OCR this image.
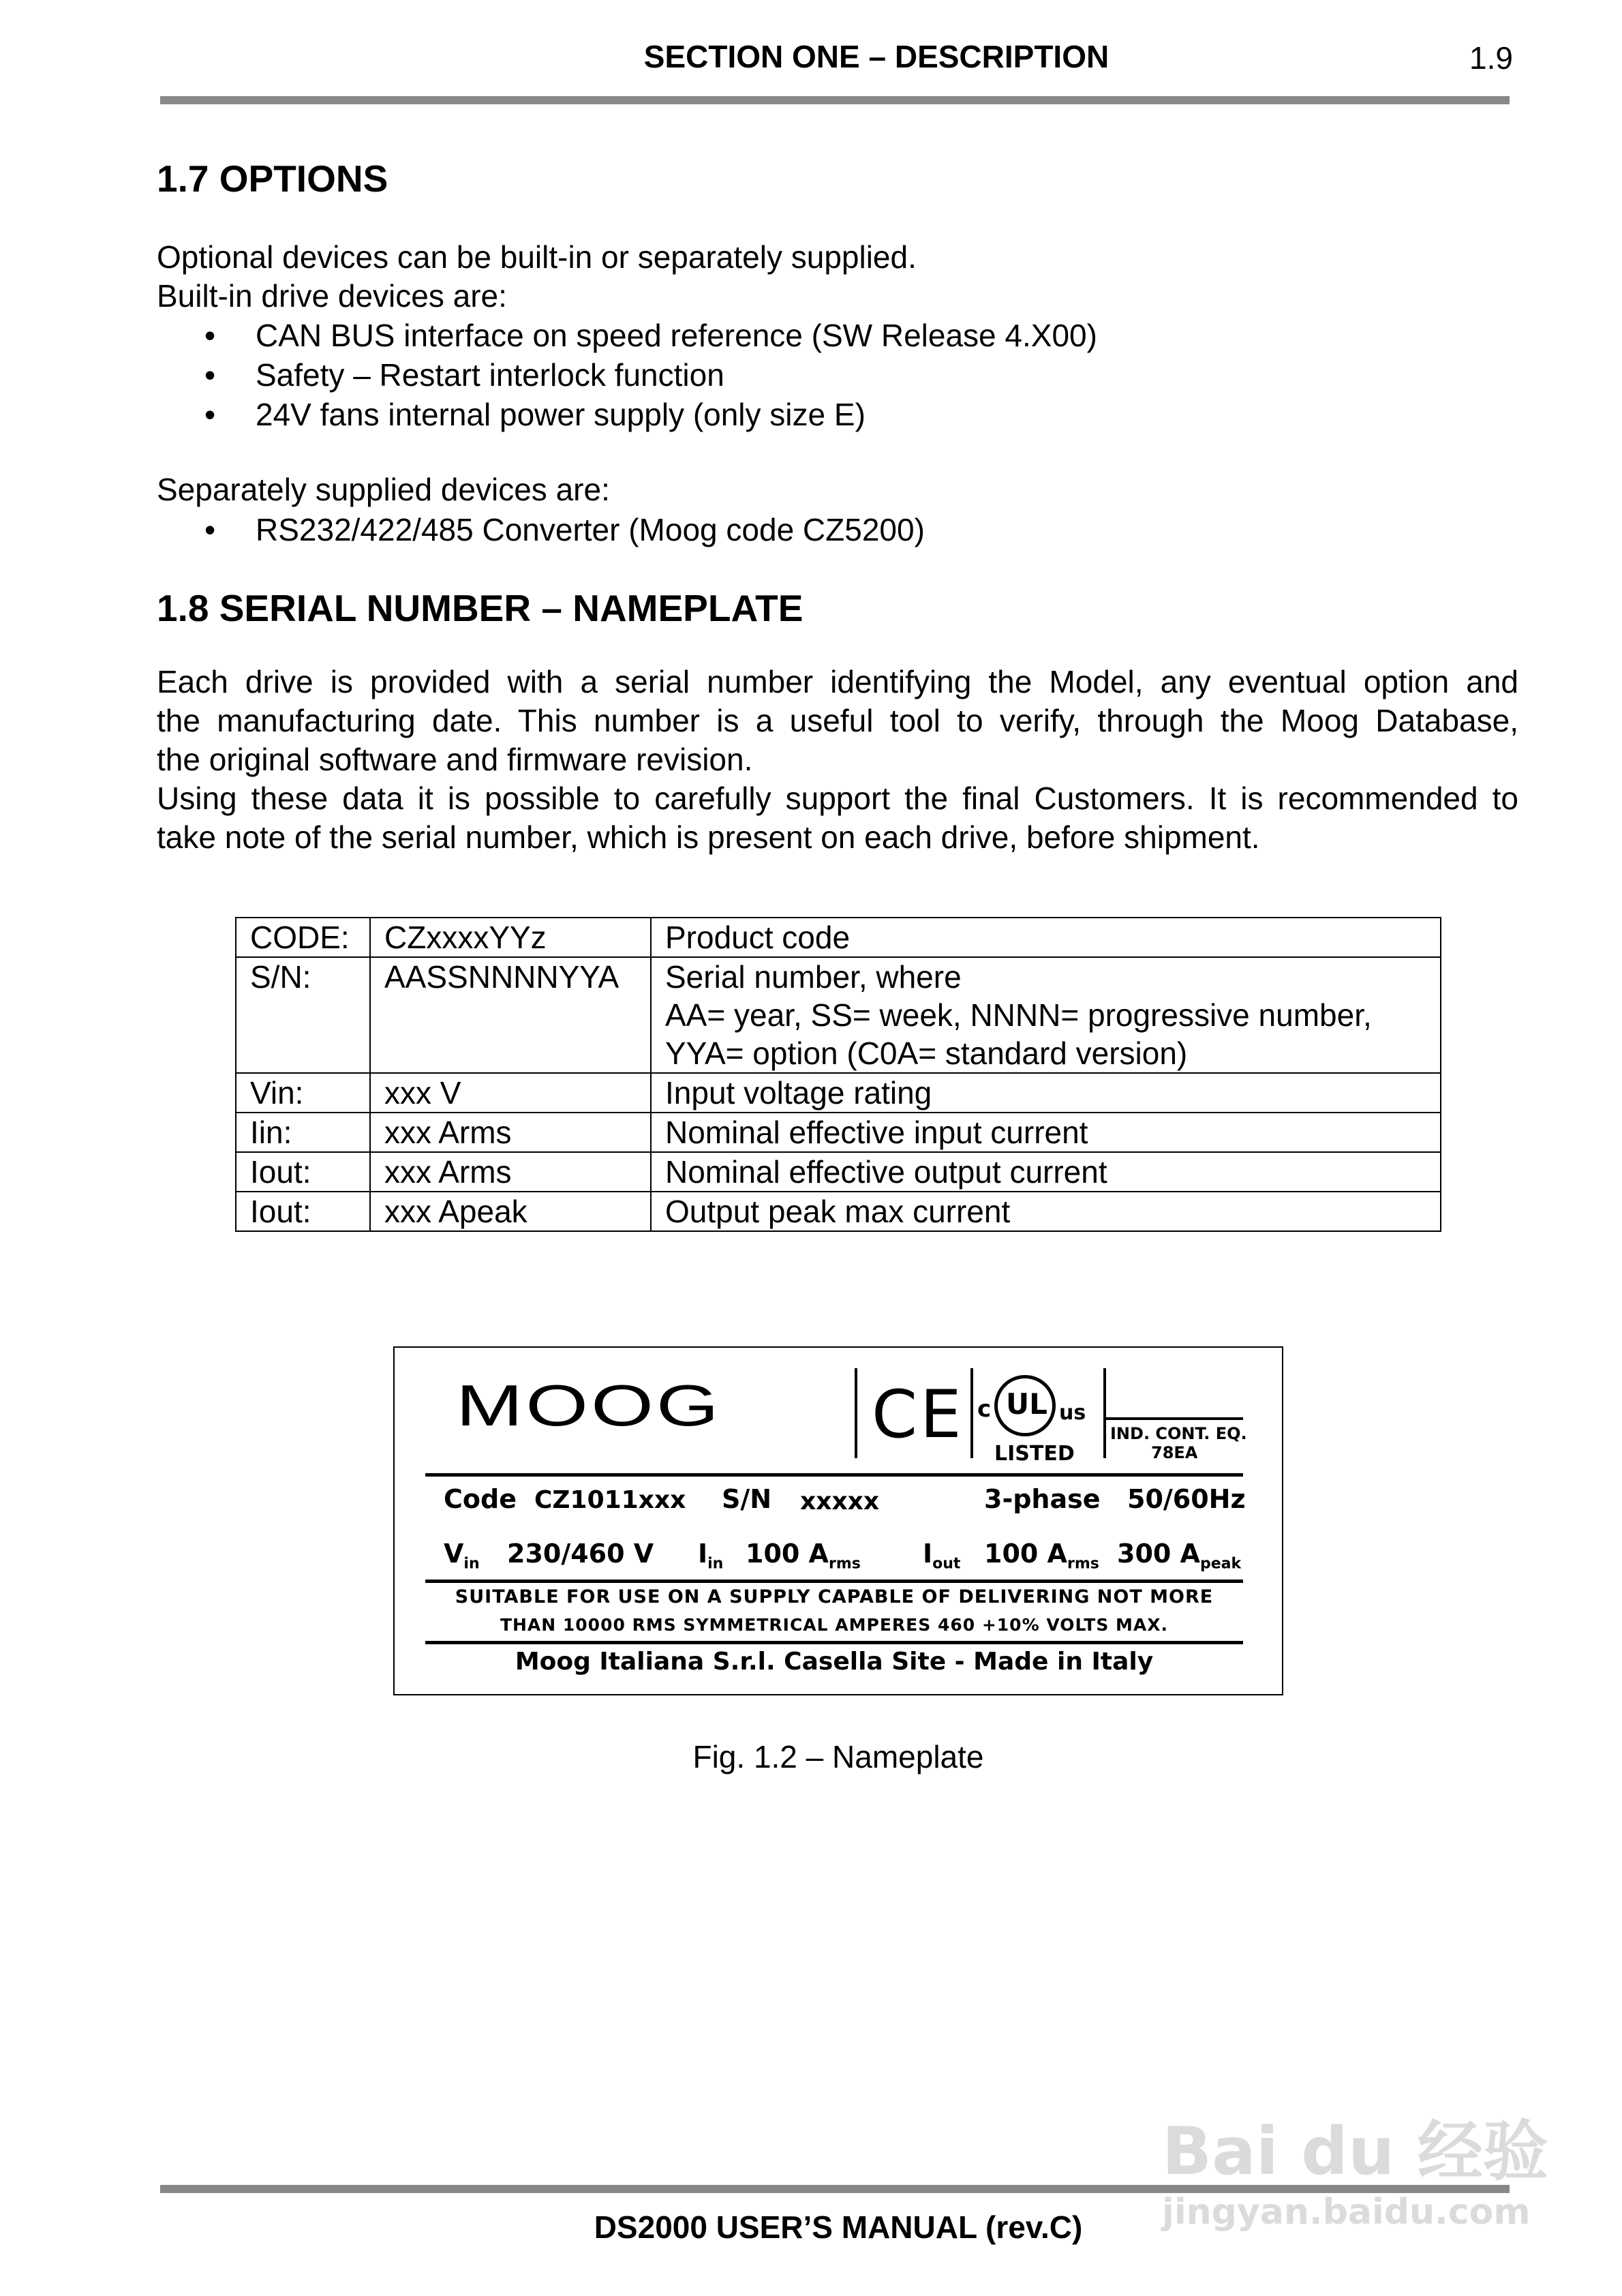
SECTION ONE – DESCRIPTION	1.9
1.7 OPTIONS
Optional devices can be built-in or separately supplied.
Built-in drive devices are:
• CAN BUS interface on speed reference (SW Release 4.X00)
• Safety – Restart interlock function
• 24V fans internal power supply (only size E)
Separately supplied devices are:
• RS232/422/485 Converter (Moog code CZ5200)
1.8 SERIAL NUMBER – NAMEPLATE
Each drive is provided with a serial number identifying the Model, any eventual option and
the manufacturing date. This number is a useful tool to verify, through the Moog Database,
the original software and firmware revision.
Using these data it is possible to carefully support the final Customers. It is recommended to
take note of the serial number, which is present on each drive, before shipment.
CODE:	CZxxxxYYz	Product code

S/N:	AASSNNNNYYA	Serial number, where
AA= year, SS= week, NNNN= progressive number,
YYA= option (C0A= standard version)

Vin:	xxx V	Input voltage rating

Iin:	xxx Arms	Nominal effective input current

Iout:	xxx Arms	Nominal effective output current

Iout:	xxx Apeak	Output peak max current
MOOG CE c UL us
LISTED
IND. CONT. EQ.
78EA
Code CZ1011xxx S/N xxxxx	3-phase 50/60Hz
$V_{in}$ 230/460 V $I_{in}$ 100 $A_{rms}$ $I_{out}$ 100 $A_{rms}$ 300 $A_{peak}$
SUITABLE FOR USE ON A SUPPLY CAPABLE OF DELIVERING NOT MORE
THAN 10000 RMS SYMMETRICAL AMPERES 460 +10% VOLTS MAX.
Moog Italiana S.r.l. Casella Site - Made in Italy
Fig. 1.2 – Nameplate
DS2000 USER’S MANUAL (rev.C)
Bai du 经验
jingyan.baidu.com
